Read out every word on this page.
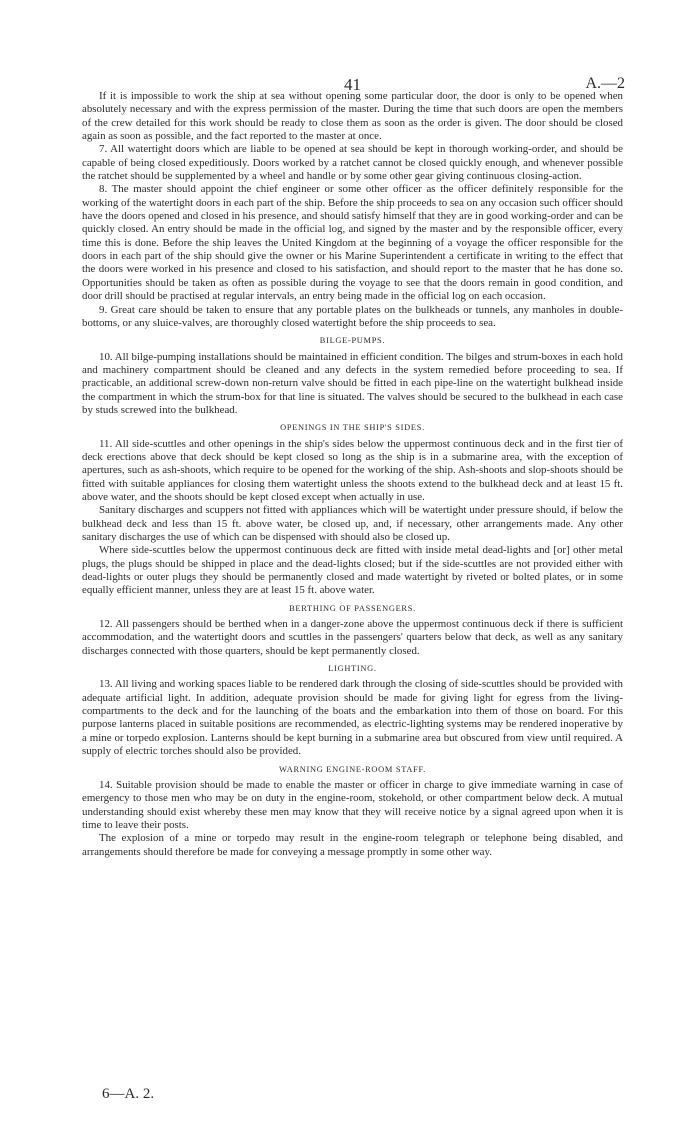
41	A.—2

If it is impossible to work the ship at sea without opening some particular door, the door is only to be opened when absolutely necessary and with the express permission of the master. During the time that such doors are open the members of the crew detailed for this work should be ready to close them as soon as the order is given. The door should be closed again as soon as possible, and the fact reported to the master at once.

7. All watertight doors which are liable to be opened at sea should be kept in thorough working-order, and should be capable of being closed expeditiously. Doors worked by a ratchet cannot be closed quickly enough, and whenever possible the ratchet should be supplemented by a wheel and handle or by some other gear giving continuous closing-action.

8. The master should appoint the chief engineer or some other officer as the officer definitely responsible for the working of the watertight doors in each part of the ship. Before the ship proceeds to sea on any occasion such officer should have the doors opened and closed in his presence, and should satisfy himself that they are in good working-order and can be quickly closed. An entry should be made in the official log, and signed by the master and by the responsible officer, every time this is done. Before the ship leaves the United Kingdom at the beginning of a voyage the officer responsible for the doors in each part of the ship should give the owner or his Marine Superintendent a certificate in writing to the effect that the doors were worked in his presence and closed to his satisfaction, and should report to the master that he has done so. Opportunities should be taken as often as possible during the voyage to see that the doors remain in good condition, and door drill should be practised at regular intervals, an entry being made in the official log on each occasion.

9. Great care should be taken to ensure that any portable plates on the bulkheads or tunnels, any manholes in double-bottoms, or any sluice-valves, are thoroughly closed watertight before the ship proceeds to sea.

BILGE-PUMPS.

10. All bilge-pumping installations should be maintained in efficient condition. The bilges and strum-boxes in each hold and machinery compartment should be cleaned and any defects in the system remedied before proceeding to sea. If practicable, an additional screw-down non-return valve should be fitted in each pipe-line on the watertight bulkhead inside the compartment in which the strum-box for that line is situated. The valves should be secured to the bulkhead in each case by studs screwed into the bulkhead.

OPENINGS IN THE SHIP'S SIDES.

11. All side-scuttles and other openings in the ship's sides below the uppermost continuous deck and in the first tier of deck erections above that deck should be kept closed so long as the ship is in a submarine area, with the exception of apertures, such as ash-shoots, which require to be opened for the working of the ship. Ash-shoots and slop-shoots should be fitted with suitable appliances for closing them watertight unless the shoots extend to the bulkhead deck and at least 15 ft. above water, and the shoots should be kept closed except when actually in use.

Sanitary discharges and scuppers not fitted with appliances which will be watertight under pressure should, if below the bulkhead deck and less than 15 ft. above water, be closed up, and, if necessary, other arrangements made. Any other sanitary discharges the use of which can be dispensed with should also be closed up.

Where side-scuttles below the uppermost continuous deck are fitted with inside metal dead-lights and [or] other metal plugs, the plugs should be shipped in place and the dead-lights closed; but if the side-scuttles are not provided either with dead-lights or outer plugs they should be permanently closed and made watertight by riveted or bolted plates, or in some equally efficient manner, unless they are at least 15 ft. above water.

BERTHING OF PASSENGERS.

12. All passengers should be berthed when in a danger-zone above the uppermost continuous deck if there is sufficient accommodation, and the watertight doors and scuttles in the passengers' quarters below that deck, as well as any sanitary discharges connected with those quarters, should be kept permanently closed.

LIGHTING.

13. All living and working spaces liable to be rendered dark through the closing of side-scuttles should be provided with adequate artificial light. In addition, adequate provision should be made for giving light for egress from the living-compartments to the deck and for the launching of the boats and the embarkation into them of those on board. For this purpose lanterns placed in suitable positions are recommended, as electric-lighting systems may be rendered inoperative by a mine or torpedo explosion. Lanterns should be kept burning in a submarine area but obscured from view until required. A supply of electric torches should also be provided.

WARNING ENGINE-ROOM STAFF.

14. Suitable provision should be made to enable the master or officer in charge to give immediate warning in case of emergency to those men who may be on duty in the engine-room, stokehold, or other compartment below deck. A mutual understanding should exist whereby these men may know that they will receive notice by a signal agreed upon when it is time to leave their posts.

The explosion of a mine or torpedo may result in the engine-room telegraph or telephone being disabled, and arrangements should therefore be made for conveying a message promptly in some other way.

6—A. 2.
